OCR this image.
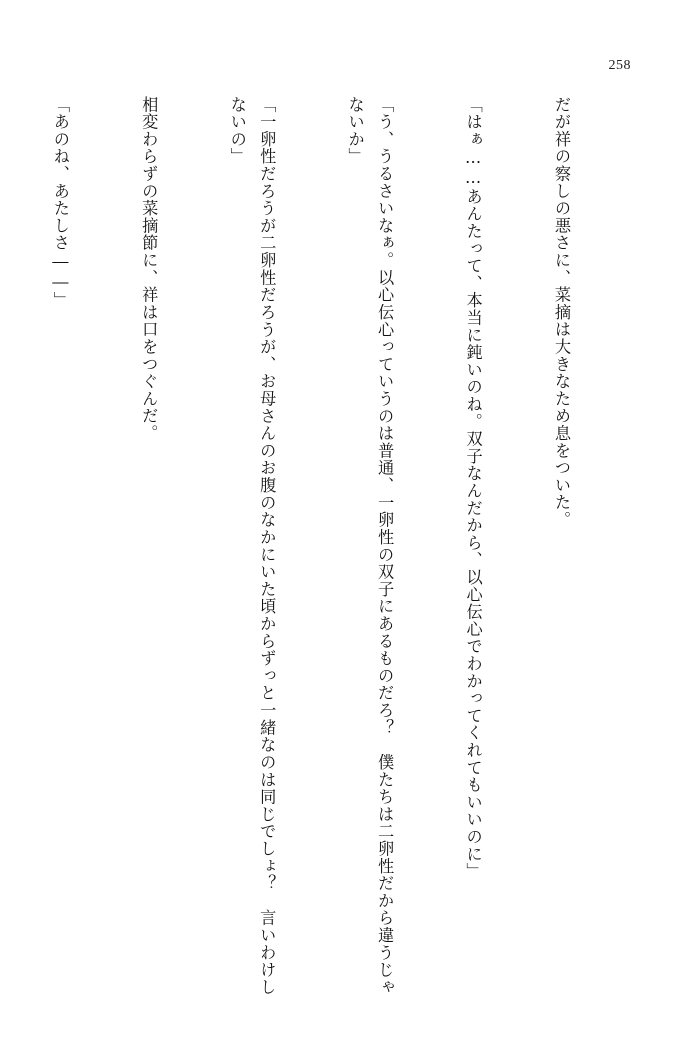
258

だが祥の察しの悪さに、菜摘は大きなため息をついた。

「はぁ……あんたって、本当に鈍いのね。双子なんだから、以心伝心でわかってくれてもいいのに」

「う、うるさいなぁ。以心伝心っていうのは普通、一卵性の双子にあるものだろ？　僕たちは二卵性だから違うじゃないか」

「一卵性だろうが二卵性だろうが、お母さんのお腹のなかにいた頃からずっと一緒なのは同じでしょ？　言いわけしないの」

相変わらずの菜摘節に、祥は口をつぐんだ。

「あのね、あたしさ――」
